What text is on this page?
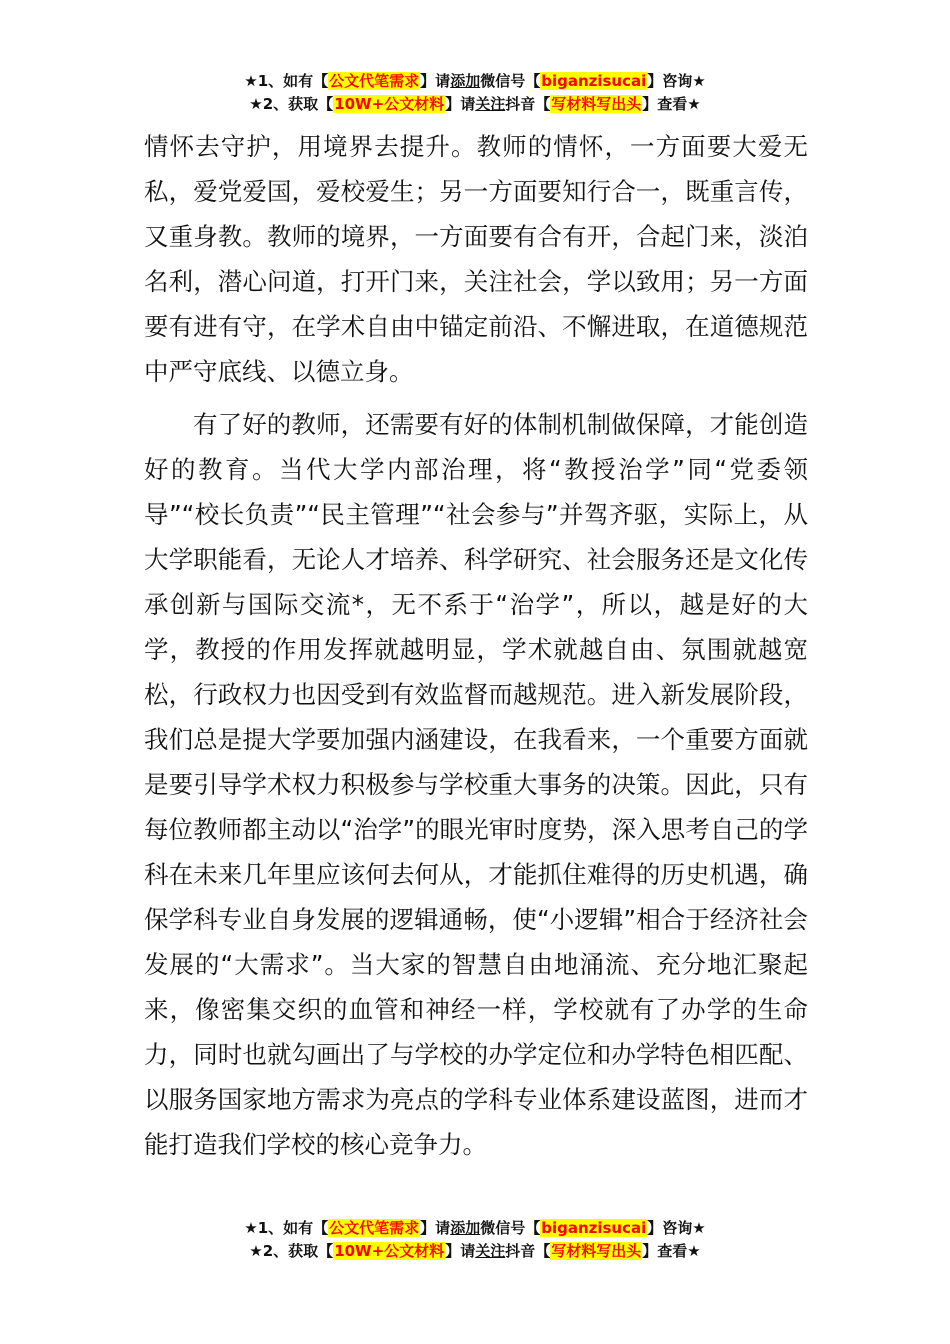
★1、如有【公文代笔需求】请添加微信号【biganzisucai】咨询★
★2、获取【10W+公文材料】请关注抖音【写材料写出头】查看★

情怀去守护，用境界去提升。教师的情怀，一方面要大爱无私，爱党爱国，爱校爱生；另一方面要知行合一，既重言传，又重身教。教师的境界，一方面要有合有开，合起门来，淡泊名利，潜心问道，打开门来，关注社会，学以致用；另一方面要有进有守，在学术自由中锚定前沿、不懈进取，在道德规范中严守底线、以德立身。

有了好的教师，还需要有好的体制机制做保障，才能创造好的教育。当代大学内部治理，将“教授治学”同“党委领导”“校长负责”“民主管理”“社会参与”并驾齐驱，实际上，从大学职能看，无论人才培养、科学研究、社会服务还是文化传承创新与国际交流*，无不系于“治学”，所以，越是好的大学，教授的作用发挥就越明显，学术就越自由、氛围就越宽松，行政权力也因受到有效监督而越规范。进入新发展阶段，我们总是提大学要加强内涵建设，在我看来，一个重要方面就是要引导学术权力积极参与学校重大事务的决策。因此，只有每位教师都主动以“治学”的眼光审时度势，深入思考自己的学科在未来几年里应该何去何从，才能抓住难得的历史机遇，确保学科专业自身发展的逻辑通畅，使“小逻辑”相合于经济社会发展的“大需求”。当大家的智慧自由地涌流、充分地汇聚起来，像密集交织的血管和神经一样，学校就有了办学的生命力，同时也就勾画出了与学校的办学定位和办学特色相匹配、以服务国家地方需求为亮点的学科专业体系建设蓝图，进而才能打造我们学校的核心竞争力。

★1、如有【公文代笔需求】请添加微信号【biganzisucai】咨询★
★2、获取【10W+公文材料】请关注抖音【写材料写出头】查看★
